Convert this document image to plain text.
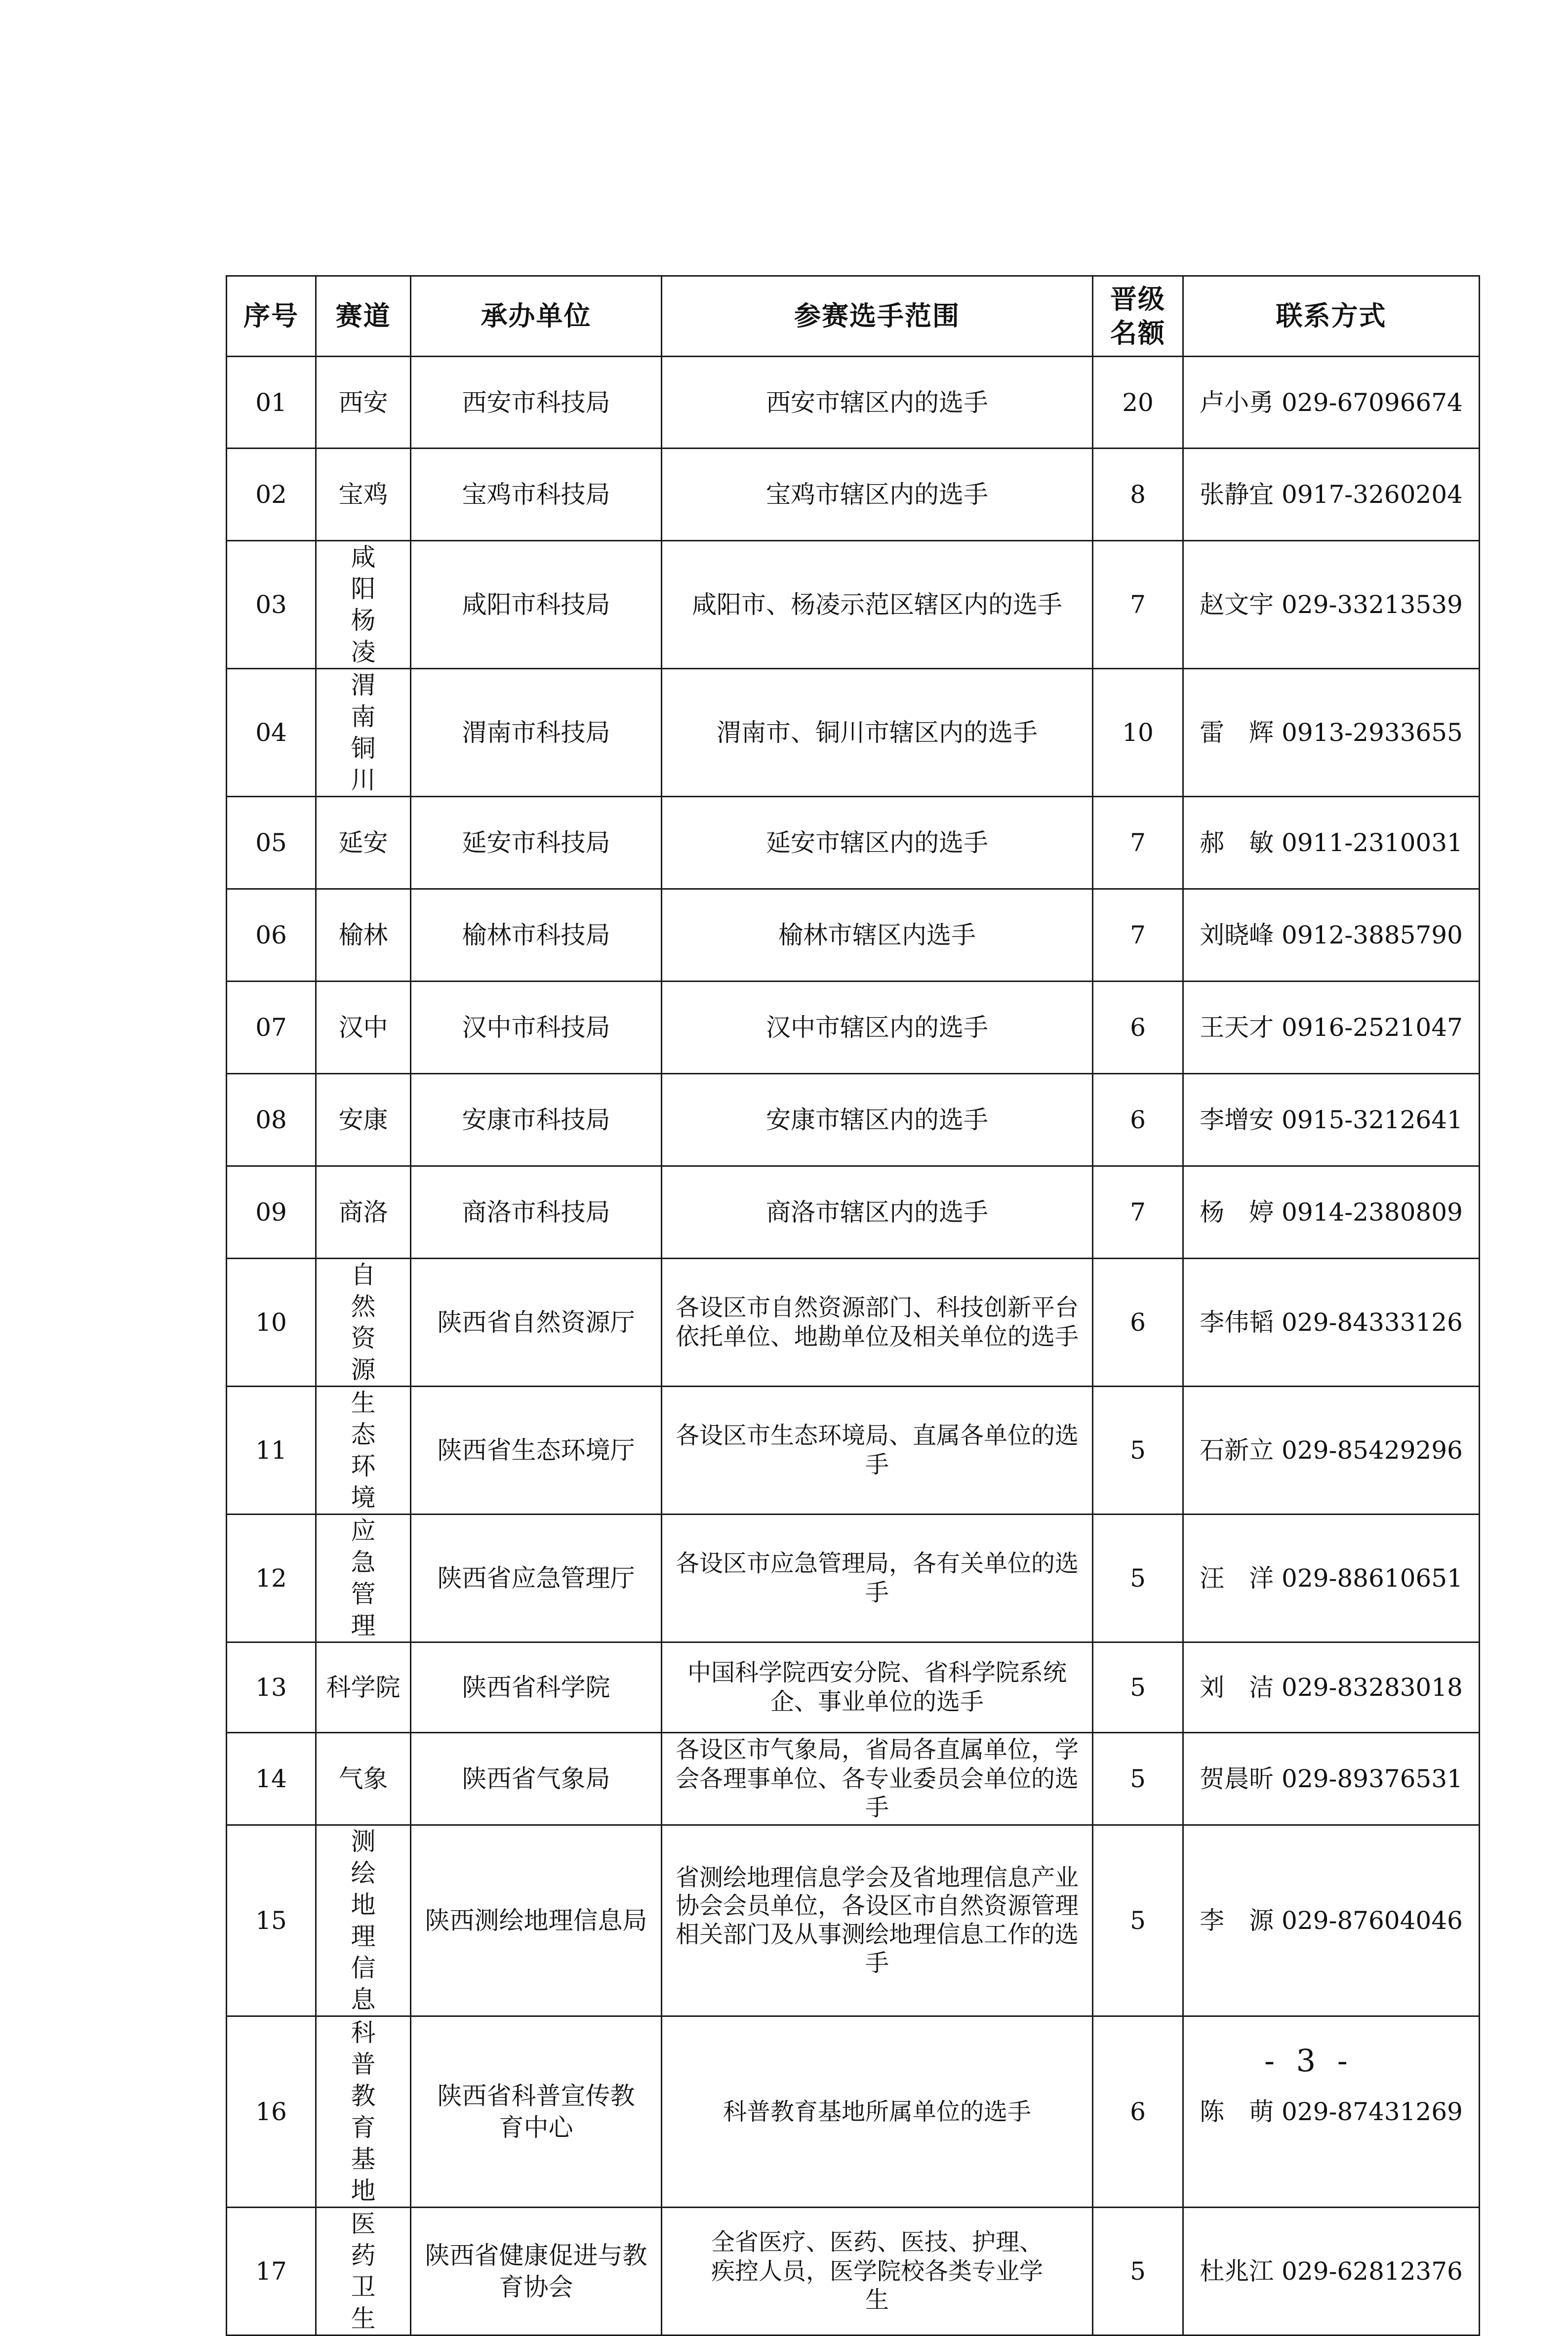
序号	赛道	承办单位	参赛选手范围	晋级名额	联系方式
01	西安	西安市科技局	西安市辖区内的选手	20	卢小勇 029-67096674
02	宝鸡	宝鸡市科技局	宝鸡市辖区内的选手	8	张静宜 0917-3260204
03	咸阳杨凌	咸阳市科技局	咸阳市、杨凌示范区辖区内的选手	7	赵文宇 029-33213539
04	渭南铜川	渭南市科技局	渭南市、铜川市辖区内的选手	10	雷　辉 0913-2933655
05	延安	延安市科技局	延安市辖区内的选手	7	郝　敏 0911-2310031
06	榆林	榆林市科技局	榆林市辖区内选手	7	刘晓峰 0912-3885790
07	汉中	汉中市科技局	汉中市辖区内的选手	6	王天才 0916-2521047
08	安康	安康市科技局	安康市辖区内的选手	6	李增安 0915-3212641
09	商洛	商洛市科技局	商洛市辖区内的选手	7	杨　婷 0914-2380809
10	自然资源	陕西省自然资源厅	各设区市自然资源部门、科技创新平台依托单位、地勘单位及相关单位的选手	6	李伟韬 029-84333126
11	生态环境	陕西省生态环境厅	各设区市生态环境局、直属各单位的选手	5	石新立 029-85429296
12	应急管理	陕西省应急管理厅	各设区市应急管理局，各有关单位的选手	5	汪　洋 029-88610651
13	科学院	陕西省科学院	中国科学院西安分院、省科学院系统企、事业单位的选手	5	刘　洁 029-83283018
14	气象	陕西省气象局	各设区市气象局，省局各直属单位，学会各理事单位、各专业委员会单位的选手	5	贺晨昕 029-89376531
15	测绘地理信息	陕西测绘地理信息局	省测绘地理信息学会及省地理信息产业协会会员单位，各设区市自然资源管理相关部门及从事测绘地理信息工作的选手	5	李　源 029-87604046
16	科普教育基地	陕西省科普宣传教育中心	科普教育基地所属单位的选手	6	陈　萌 029-87431269
17	医药卫生	陕西省健康促进与教育协会	全省医疗、医药、医技、护理、疾控人员，医学院校各类专业学生	5	杜兆江 029-62812376
- 3 -
